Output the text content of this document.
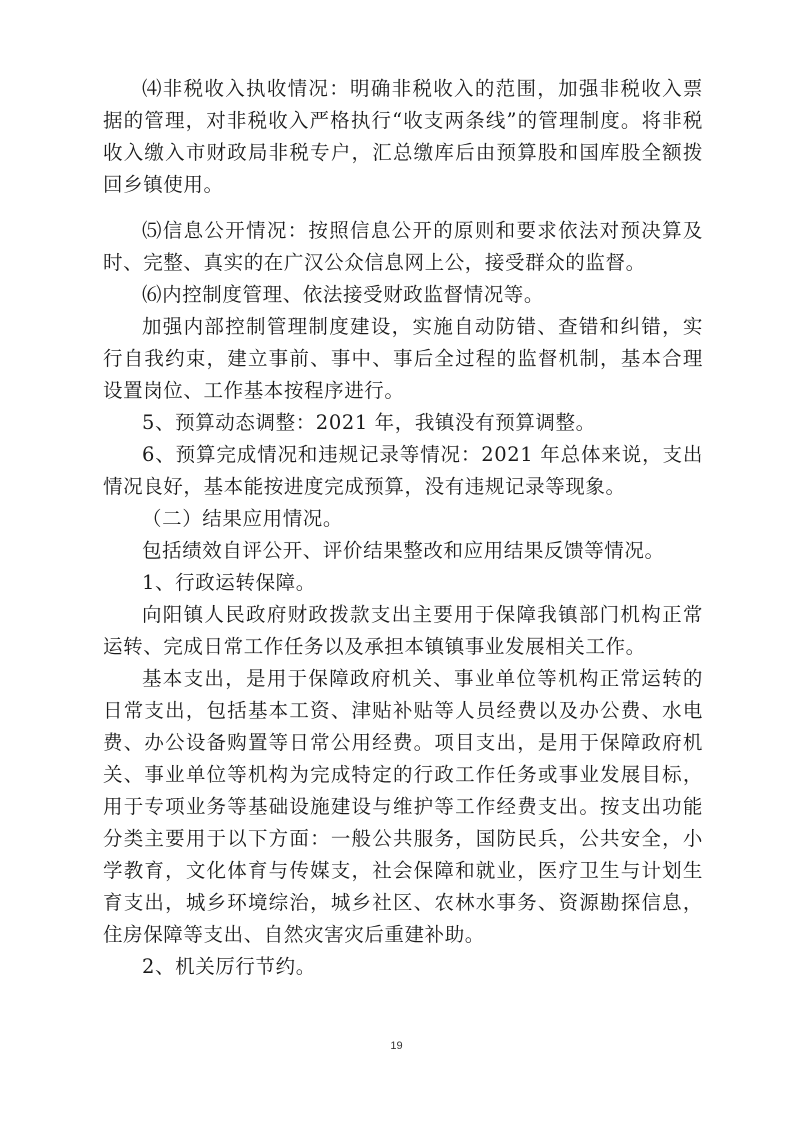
⑷非税收入执收情况：明确非税收入的范围，加强非税收入票据的管理，对非税收入严格执行“收支两条线”的管理制度。将非税收入缴入市财政局非税专户，汇总缴库后由预算股和国库股全额拨回乡镇使用。

⑸信息公开情况：按照信息公开的原则和要求依法对预决算及时、完整、真实的在广汉公众信息网上公，接受群众的监督。

⑹内控制度管理、依法接受财政监督情况等。

加强内部控制管理制度建设，实施自动防错、查错和纠错，实行自我约束，建立事前、事中、事后全过程的监督机制，基本合理设置岗位、工作基本按程序进行。

5、预算动态调整：2021 年，我镇没有预算调整。

6、预算完成情况和违规记录等情况：2021 年总体来说，支出情况良好，基本能按进度完成预算，没有违规记录等现象。

（二）结果应用情况。

包括绩效自评公开、评价结果整改和应用结果反馈等情况。

1、行政运转保障。

向阳镇人民政府财政拨款支出主要用于保障我镇部门机构正常运转、完成日常工作任务以及承担本镇镇事业发展相关工作。

基本支出，是用于保障政府机关、事业单位等机构正常运转的日常支出，包括基本工资、津贴补贴等人员经费以及办公费、水电费、办公设备购置等日常公用经费。项目支出，是用于保障政府机关、事业单位等机构为完成特定的行政工作任务或事业发展目标，用于专项业务等基础设施建设与维护等工作经费支出。按支出功能分类主要用于以下方面：一般公共服务，国防民兵，公共安全，小学教育，文化体育与传媒支，社会保障和就业，医疗卫生与计划生育支出，城乡环境综治，城乡社区、农林水事务、资源勘探信息，住房保障等支出、自然灾害灾后重建补助。

2、机关厉行节约。

19
